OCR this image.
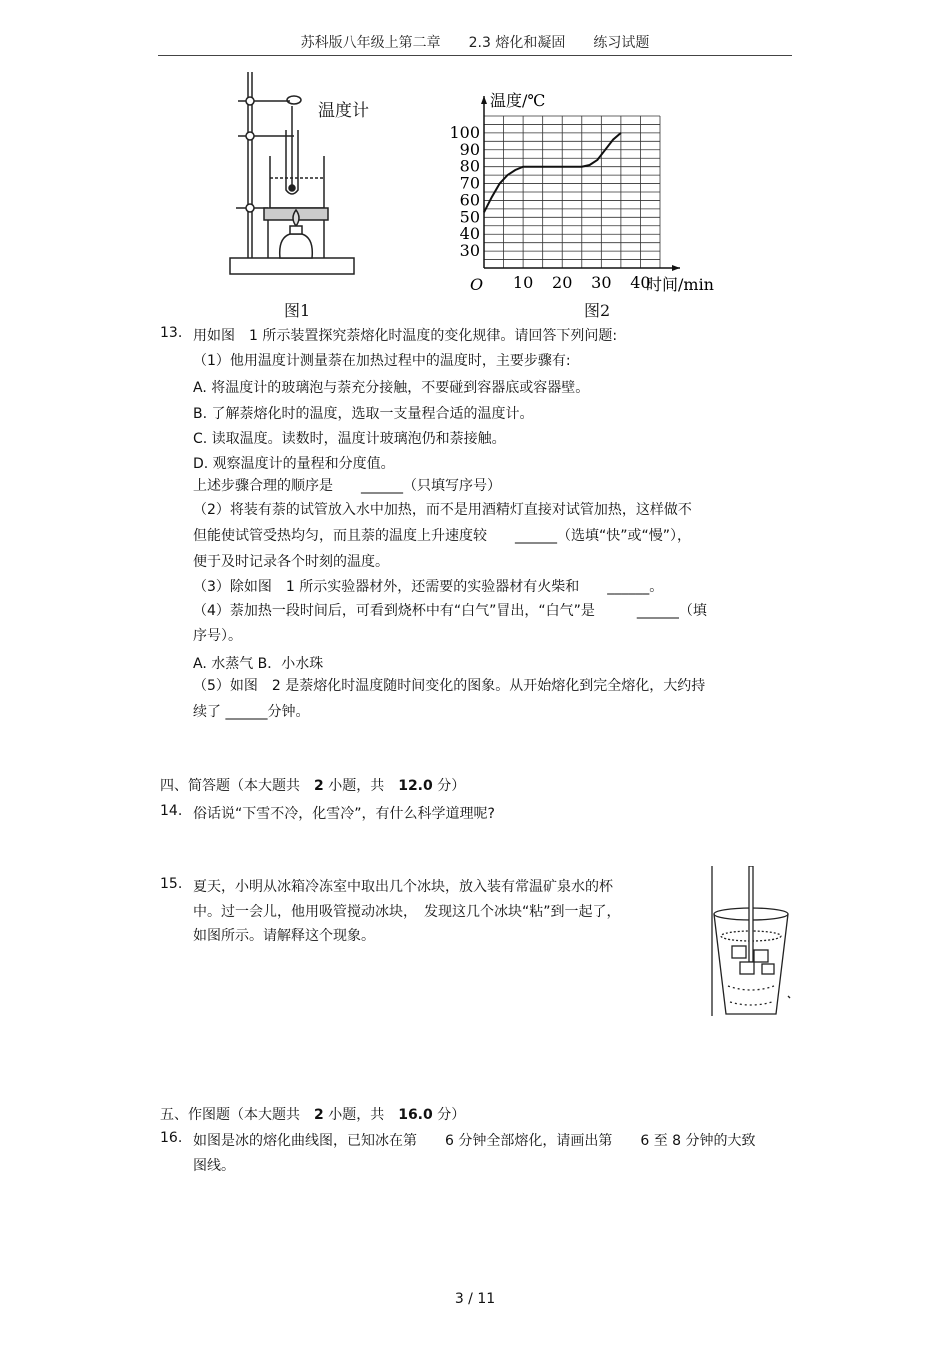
苏科版八年级上第二章　　2.3 熔化和凝固　　练习试题
温度计
图1
10 20 30 40
30
40
50
60
70
80
90
100
温度/℃
时间/min
O
图2
13. 用如图　1 所示装置探究萘熔化时温度的变化规律。请回答下列问题:
（1）他用温度计测量萘在加热过程中的温度时，主要步骤有:
A. 将温度计的玻璃泡与萘充分接触，不要碰到容器底或容器壁。
B. 了解萘熔化时的温度，选取一支量程合适的温度计。
C. 读取温度。读数时，温度计玻璃泡仍和萘接触。
D. 观察温度计的量程和分度值。
上述步骤合理的顺序是　　______（只填写序号）
（2）将装有萘的试管放入水中加热，而不是用酒精灯直接对试管加热，这样做不
但能使试管受热均匀，而且萘的温度上升速度较　　______（选填“快”或“慢”），
便于及时记录各个时刻的温度。
（3）除如图　1 所示实验器材外，还需要的实验器材有火柴和　　______。
（4）萘加热一段时间后，可看到烧杯中有“白气”冒出，“白气”是　　　______（填
序号）。
A. 水蒸气 B．小水珠
（5）如图　2 是萘熔化时温度随时间变化的图象。从开始熔化到完全熔化，大约持
续了 ______分钟。
四、简答题（本大题共　2 小题，共　12.0 分）
14. 俗话说“下雪不冷，化雪冷”，有什么科学道理呢?
15. 夏天，小明从冰箱冷冻室中取出几个冰块，放入装有常温矿泉水的杯
中。过一会儿，他用吸管搅动冰块，　发现这几个冰块“粘”到一起了，
如图所示。请解释这个现象。
五、作图题（本大题共　2 小题，共　16.0 分）
16. 如图是冰的熔化曲线图，已知冰在第　　6 分钟全部熔化，请画出第　　6 至 8 分钟的大致
图线。
3 / 11
